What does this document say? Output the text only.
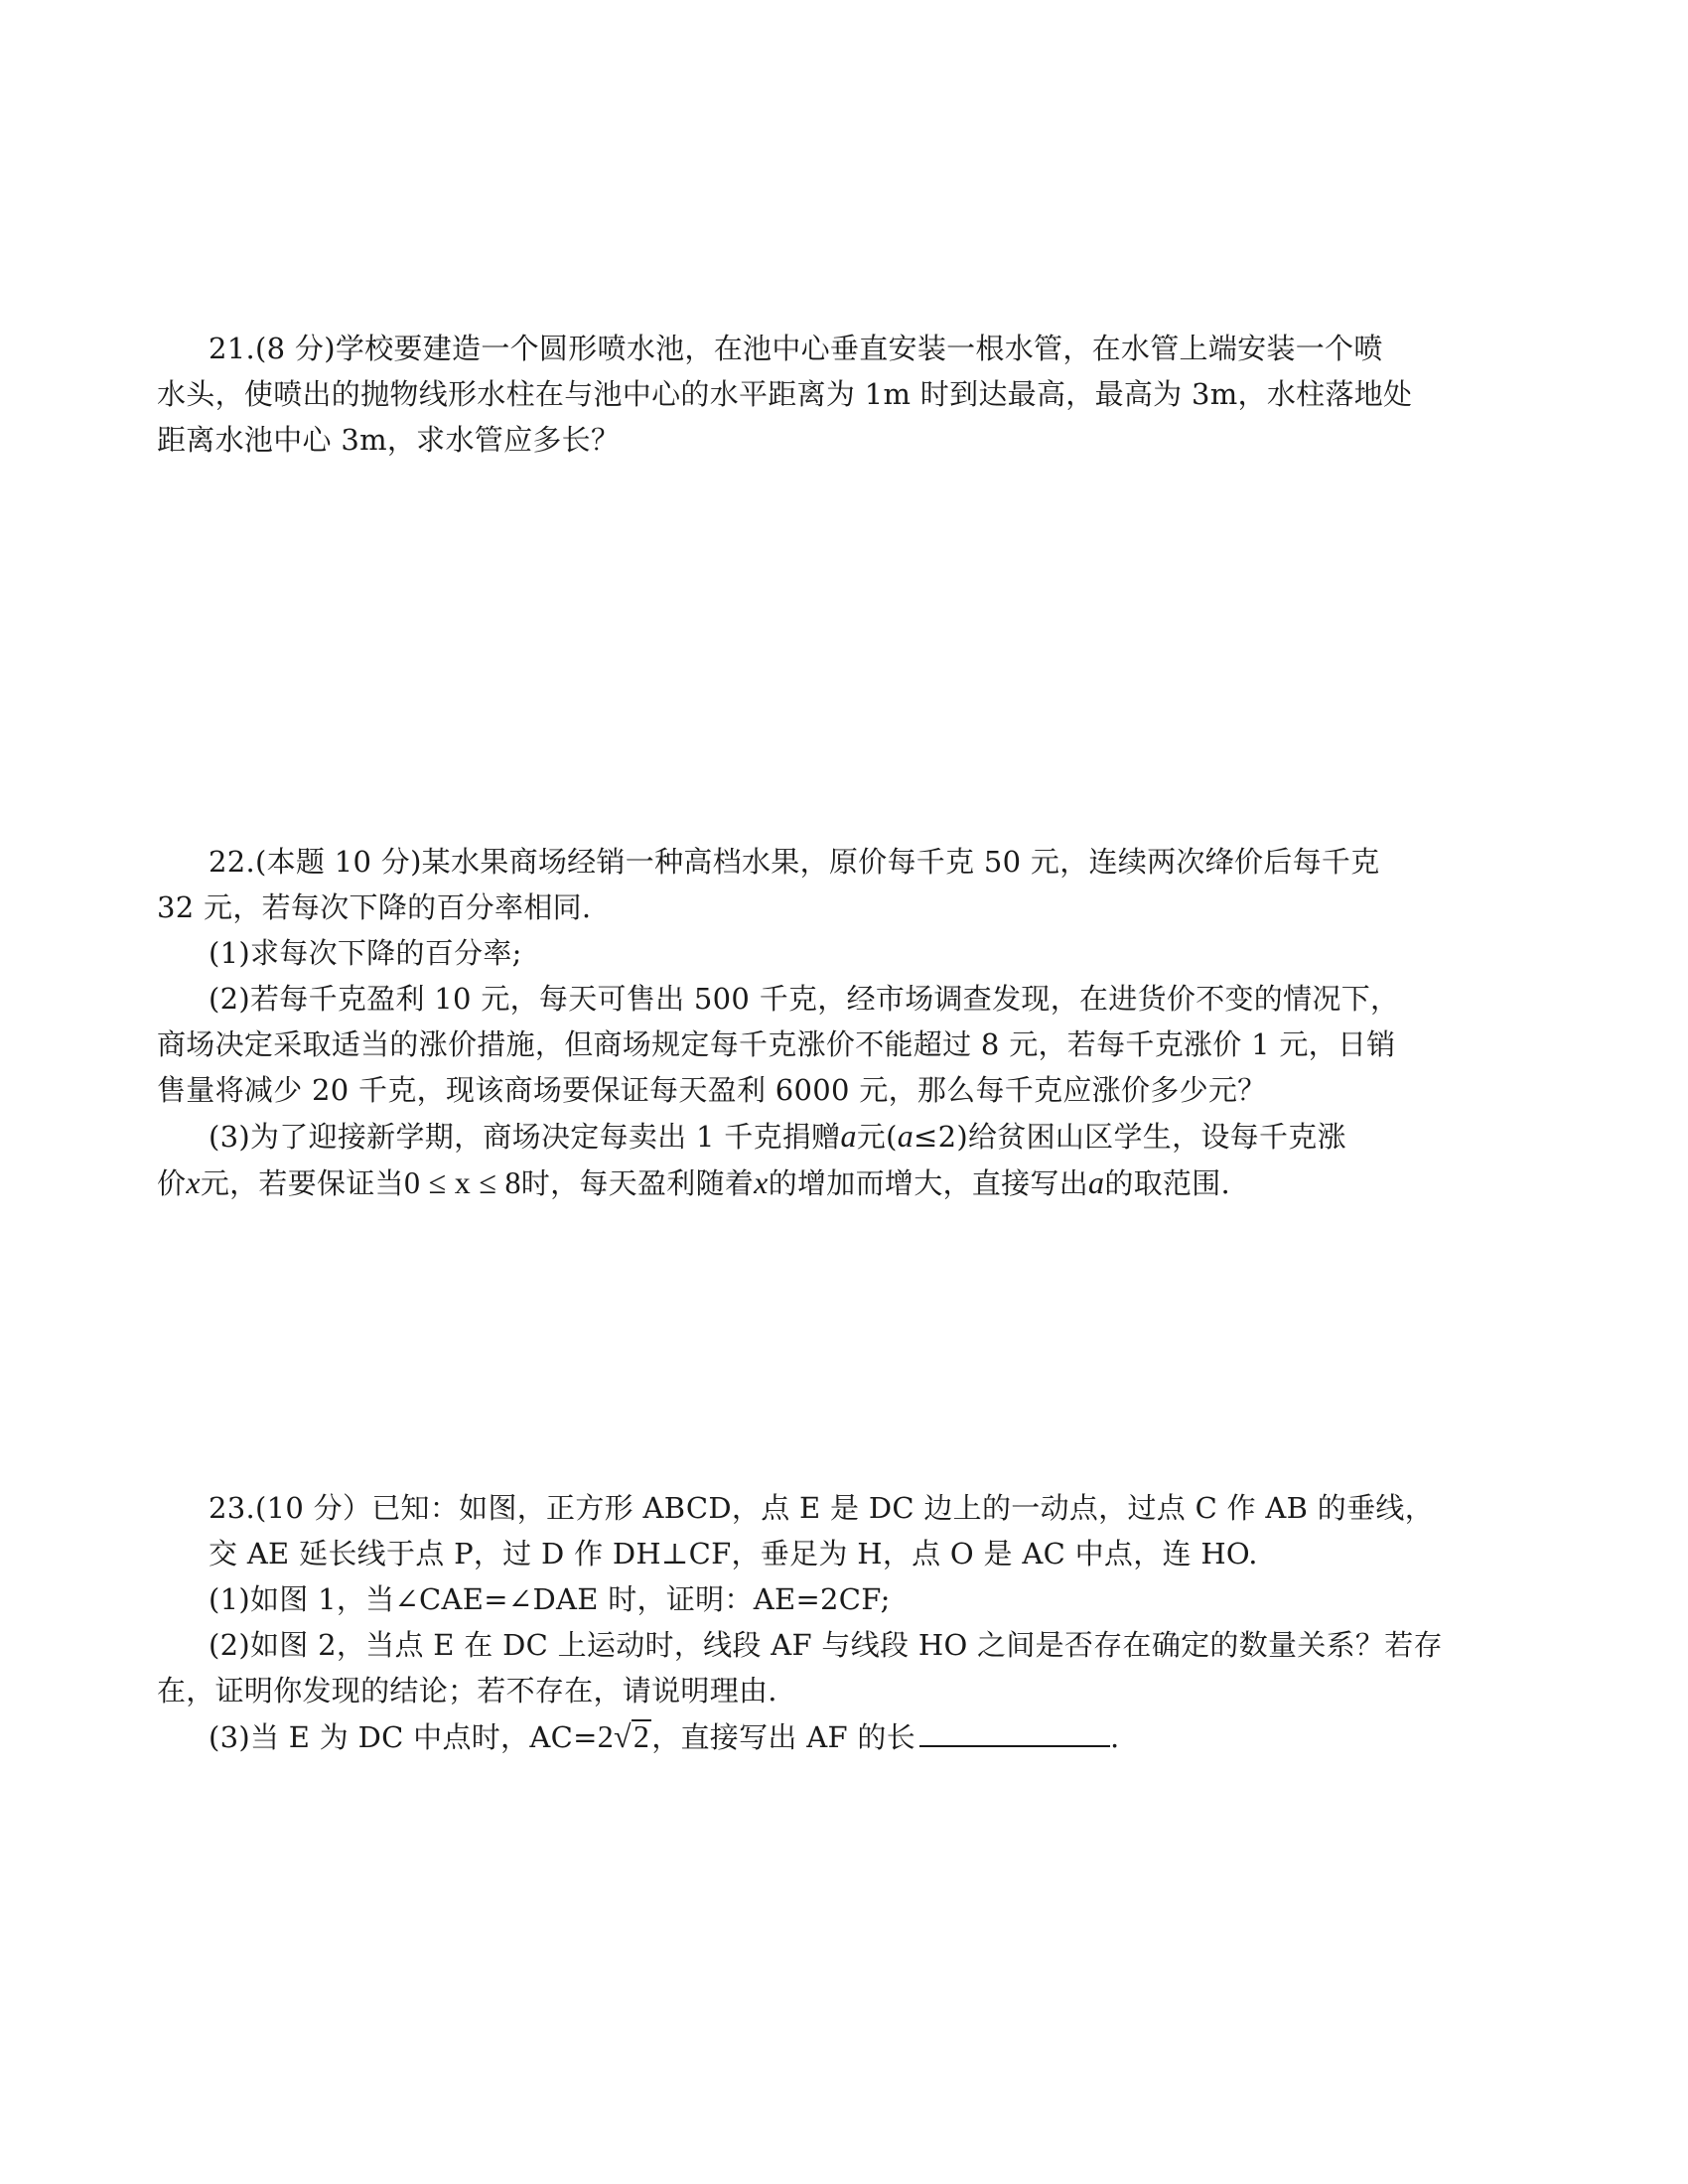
21.(8 分)学校要建造一个圆形喷水池，在池中心垂直安装一根水管，在水管上端安装一个喷
水头，使喷出的抛物线形水柱在与池中心的水平距离为 1m 时到达最高，最高为 3m，水柱落地处
距离水池中心 3m，求水管应多长？
22.(本题 10 分)某水果商场经销一种高档水果，原价每千克 50 元，连续两次绛价后每千克
32 元，若每次下降的百分率相同.
(1)求每次下降的百分率;
(2)若每千克盈利 10 元，每天可售出 500 千克，经市场调查发现，在进货价不变的情况下，
商场决定采取适当的涨价措施，但商场规定每千克涨价不能超过 8 元，若每千克涨价 1 元，日销
售量将减少 20 千克，现该商场要保证每天盈利 6000 元，那么每千克应涨价多少元？
(3)为了迎接新学期，商场决定每卖出 1 千克捐赠a元(a≤2)给贫困山区学生，设每千克涨
价x元，若要保证当0 ≤ x ≤ 8时，每天盈利随着x的增加而增大，直接写出a的取范围.
23.(10 分）已知：如图，正方形 ABCD，点 E 是 DC 边上的一动点，过点 C 作 AB 的垂线，
交 AE 延长线于点 P，过 D 作 DH⊥CF，垂足为 H，点 O 是 AC 中点，连 HO.
(1)如图 1，当∠CAE=∠DAE 时，证明：AE=2CF;
(2)如图 2，当点 E 在 DC 上运动时，线段 AF 与线段 HO 之间是否存在确定的数量关系？若存
在，证明你发现的结论；若不存在，请说明理由.
(3)当 E 为 DC 中点时，AC=2√2，直接写出 AF 的长	.
